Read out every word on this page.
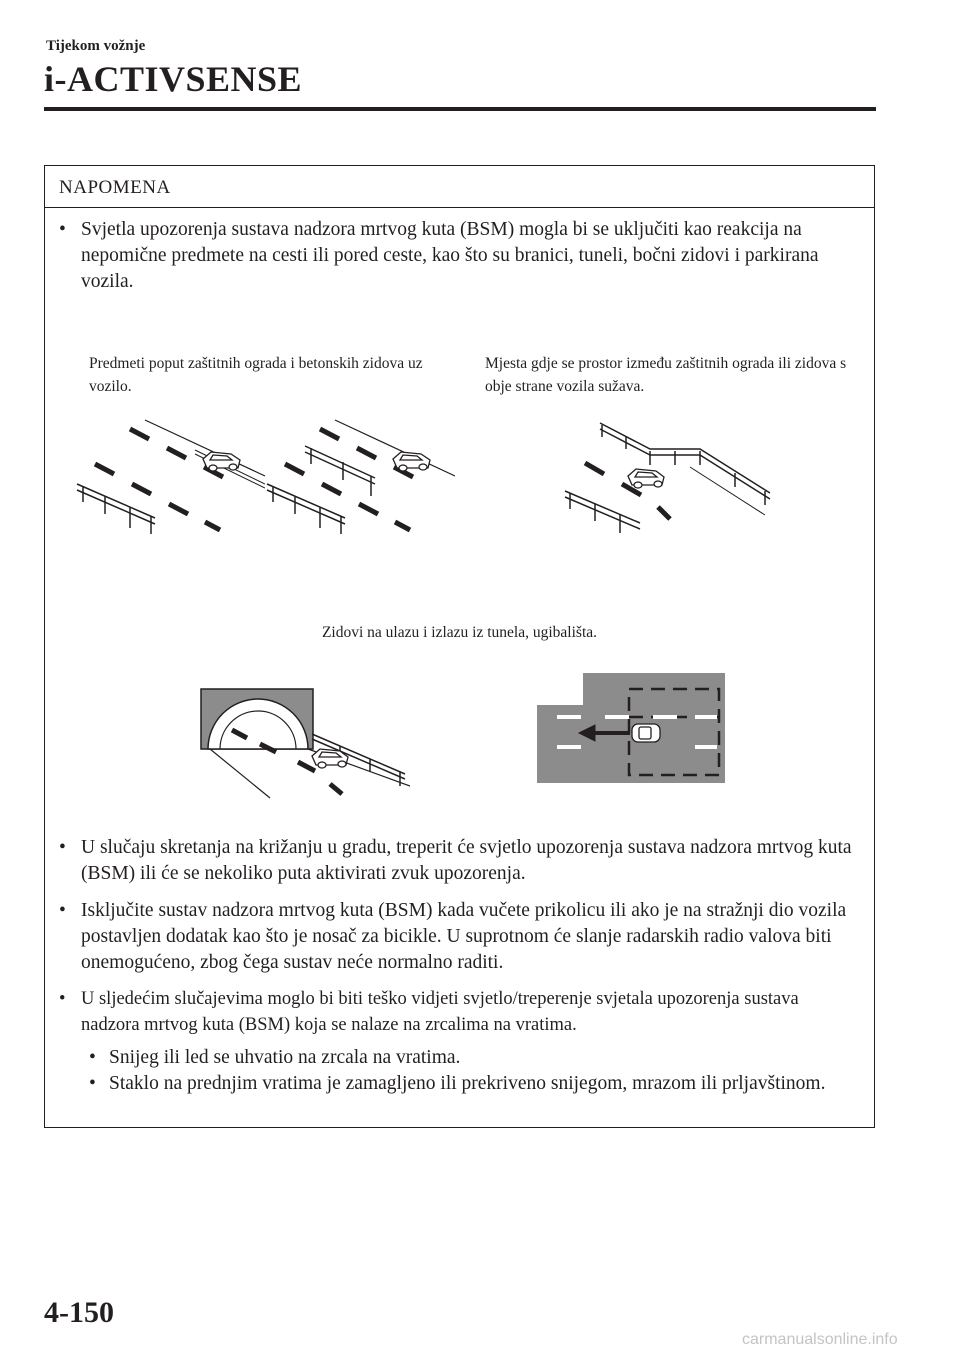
Tijekom vožnje
i-ACTIVSENSE
NAPOMENA
• Svjetla upozorenja sustava nadzora mrtvog kuta (BSM) mogla bi se uključiti kao reakcija na nepomične predmete na cesti ili pored ceste, kao što su branici, tuneli, bočni zidovi i parkirana vozila.
Predmeti poput zaštitnih ograda i betonskih zidova uz vozilo.
Mjesta gdje se prostor između zaštitnih ograda ili zidova s obje strane vozila sužava.
Zidovi na ulazu i izlazu iz tunela, ugibališta.
• U slučaju skretanja na križanju u gradu, treperit će svjetlo upozorenja sustava nadzora mrtvog kuta (BSM) ili će se nekoliko puta aktivirati zvuk upozorenja.
• Isključite sustav nadzora mrtvog kuta (BSM) kada vučete prikolicu ili ako je na stražnji dio vozila postavljen dodatak kao što je nosač za bicikle. U suprotnom će slanje radarskih radio valova biti onemogućeno, zbog čega sustav neće normalno raditi.
• U sljedećim slučajevima moglo bi biti teško vidjeti svjetlo/treperenje svjetala upozorenja sustava nadzora mrtvog kuta (BSM) koja se nalaze na zrcalima na vratima.
• Snijeg ili led se uhvatio na zrcala na vratima.
• Staklo na prednjim vratima je zamagljeno ili prekriveno snijegom, mrazom ili prljavštinom.
4-150
carmanualsonline.info
